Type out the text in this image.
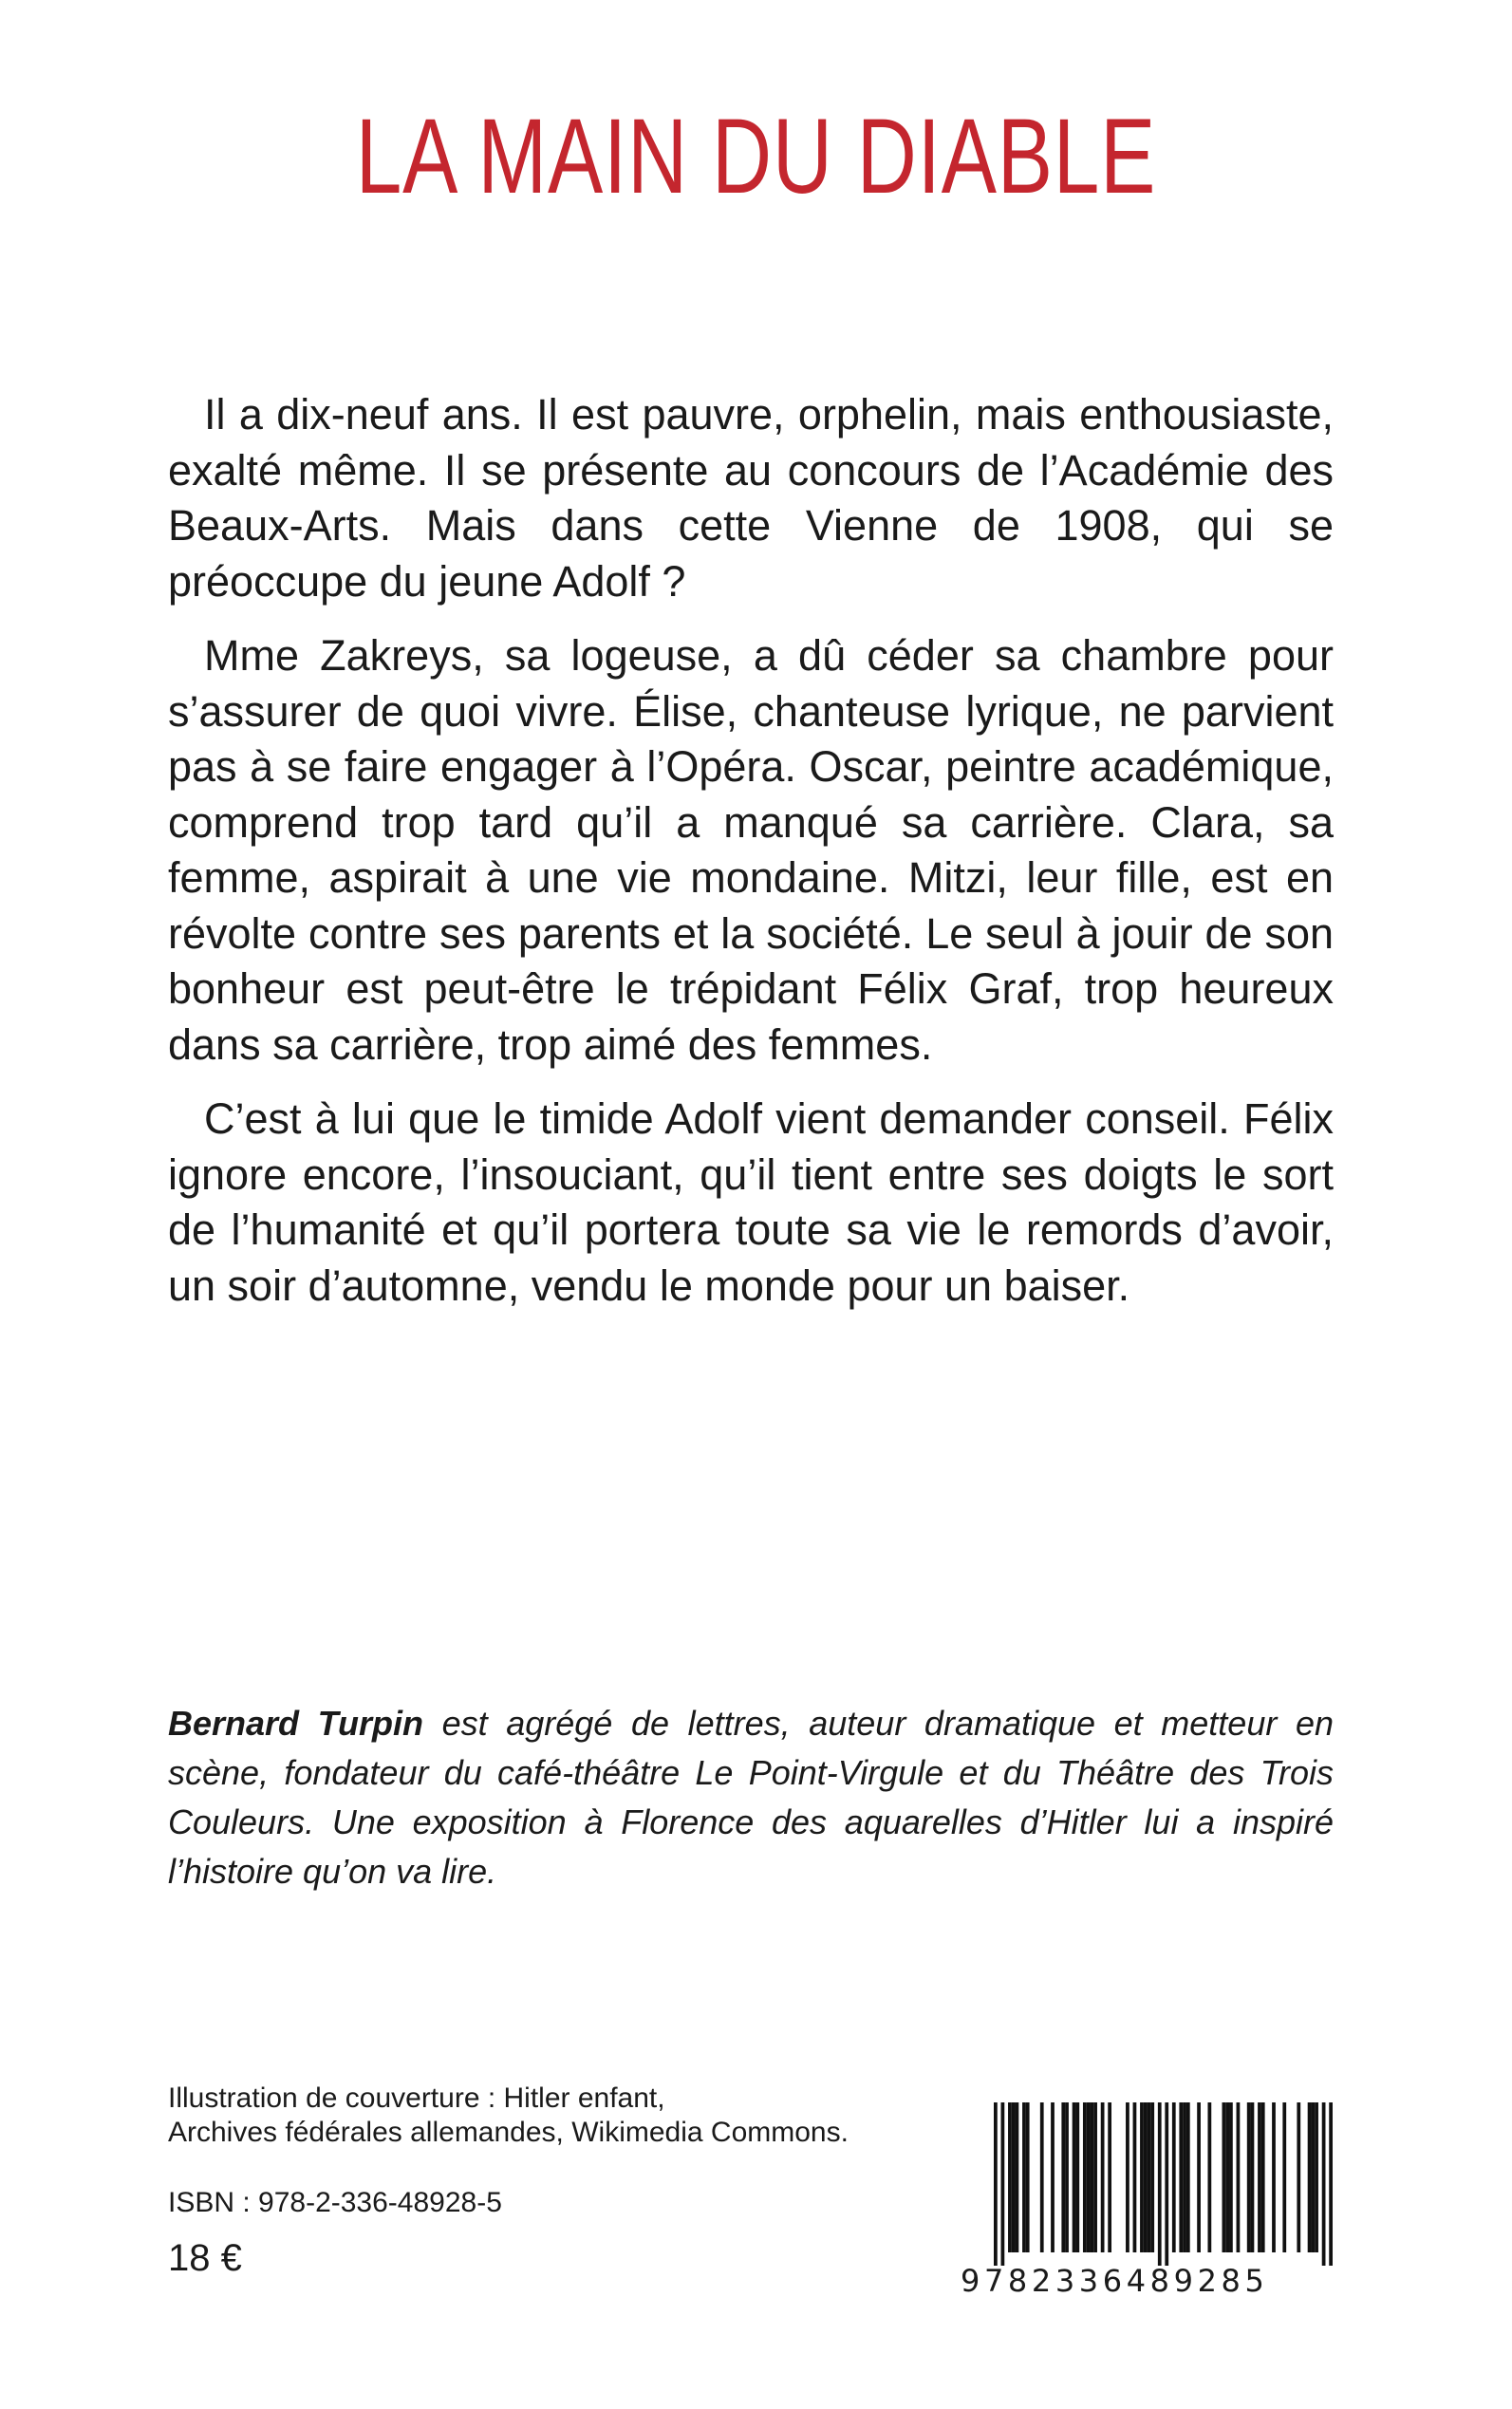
LA MAIN DU DIABLE

Il a dix-neuf ans. Il est pauvre, orphelin, mais enthousiaste, exalté même. Il se présente au concours de l’Académie des Beaux-Arts. Mais dans cette Vienne de 1908, qui se préoccupe du jeune Adolf ?

Mme Zakreys, sa logeuse, a dû céder sa chambre pour s’assurer de quoi vivre. Élise, chanteuse lyrique, ne parvient pas à se faire engager à l’Opéra. Oscar, peintre académique, comprend trop tard qu’il a manqué sa carrière. Clara, sa femme, aspirait à une vie mondaine. Mitzi, leur fille, est en révolte contre ses parents et la société. Le seul à jouir de son bonheur est peut-être le trépidant Félix Graf, trop heureux dans sa carrière, trop aimé des femmes.

C’est à lui que le timide Adolf vient demander conseil. Félix ignore encore, l’insouciant, qu’il tient entre ses doigts le sort de l’humanité et qu’il portera toute sa vie le remords d’avoir, un soir d’automne, vendu le monde pour un baiser.

Bernard Turpin est agrégé de lettres, auteur dramatique et metteur en scène, fondateur du café-théâtre Le Point-Virgule et du Théâtre des Trois Couleurs. Une exposition à Florence des aquarelles d’Hitler lui a inspiré l’histoire qu’on va lire.

Illustration de couverture : Hitler enfant,
Archives fédérales allemandes, Wikimedia Commons.
ISBN : 978-2-336-48928-5
18 €
9782336489285
